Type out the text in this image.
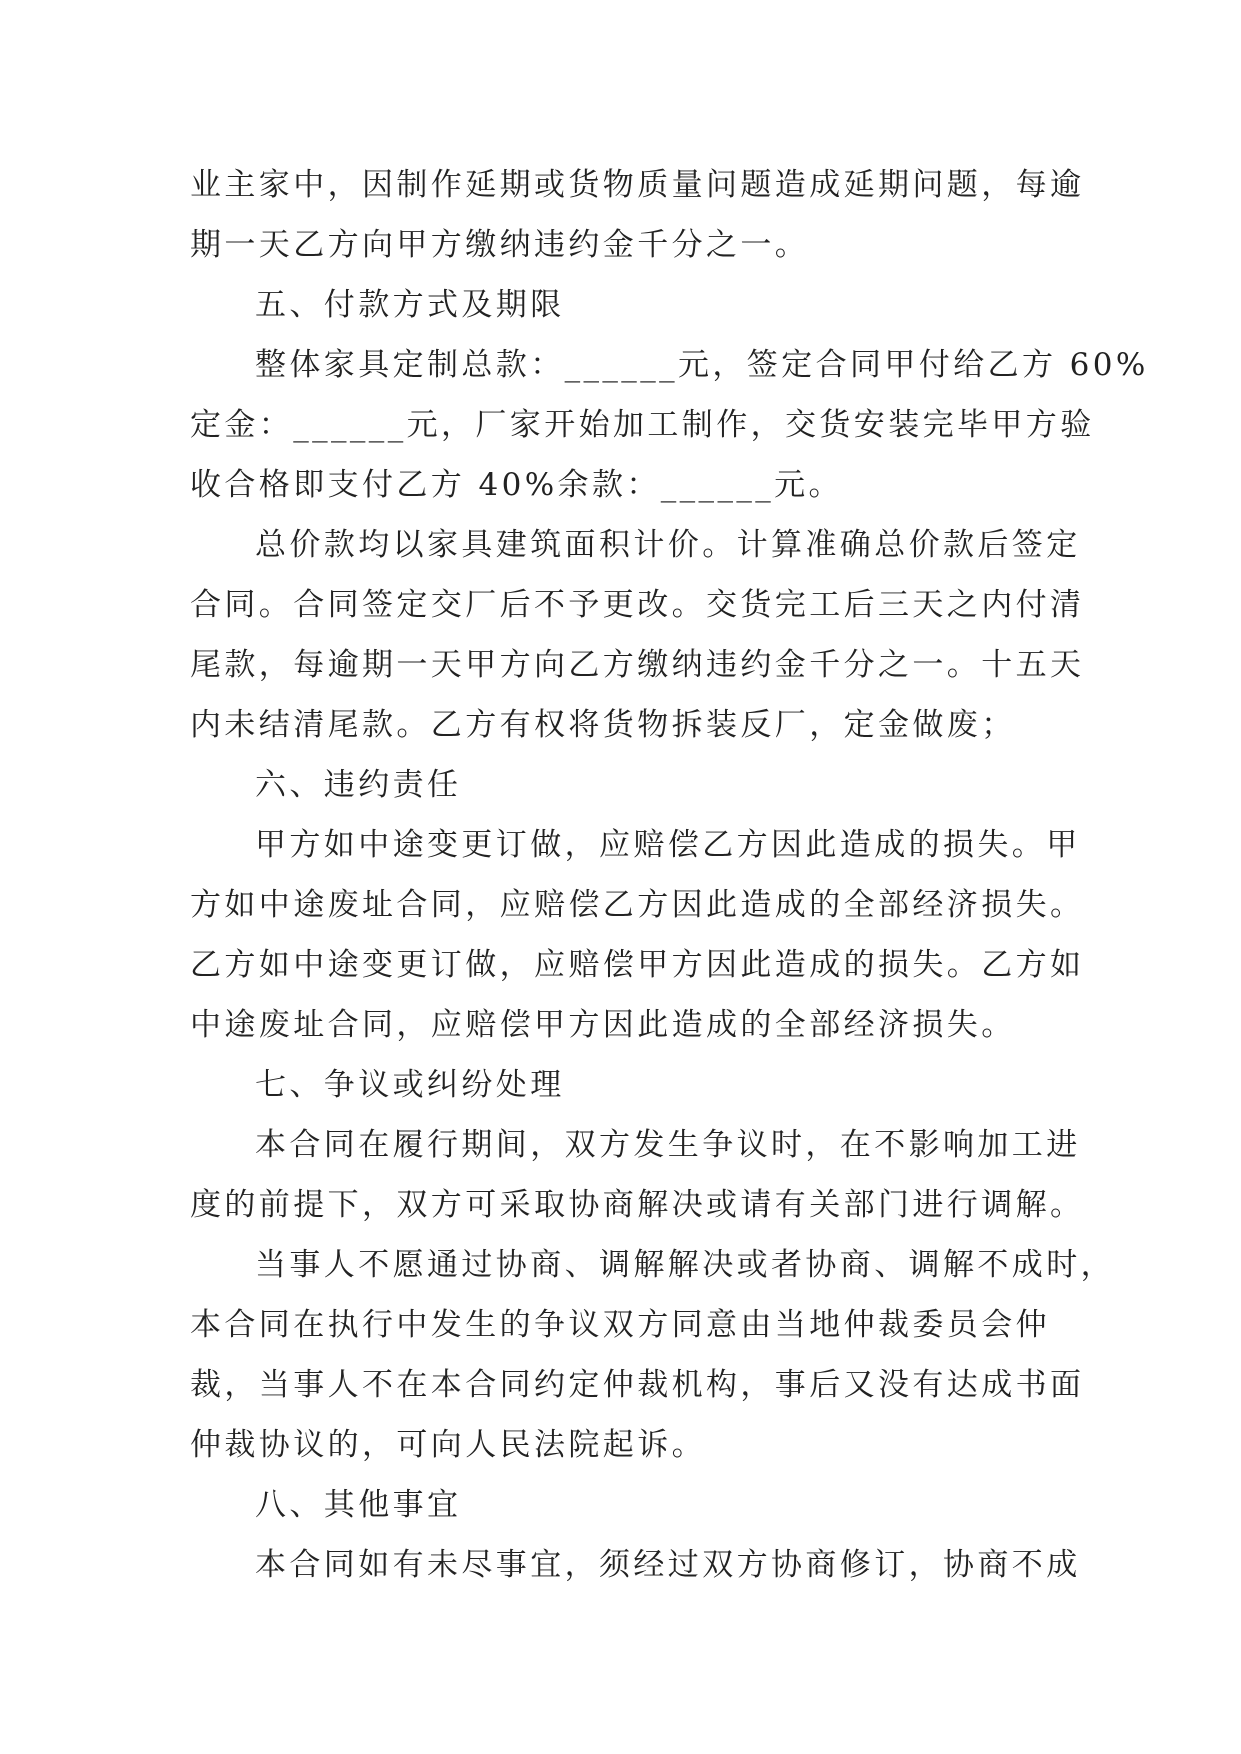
业主家中，因制作延期或货物质量问题造成延期问题，每逾
期一天乙方向甲方缴纳违约金千分之一。
五、付款方式及期限
整体家具定制总款：______元，签定合同甲付给乙方 60%
定金：______元，厂家开始加工制作，交货安装完毕甲方验
收合格即支付乙方 40%余款：______元。
总价款均以家具建筑面积计价。计算准确总价款后签定
合同。合同签定交厂后不予更改。交货完工后三天之内付清
尾款，每逾期一天甲方向乙方缴纳违约金千分之一。十五天
内未结清尾款。乙方有权将货物拆装反厂，定金做废；
六、违约责任
甲方如中途变更订做，应赔偿乙方因此造成的损失。甲
方如中途废址合同，应赔偿乙方因此造成的全部经济损失。
乙方如中途变更订做，应赔偿甲方因此造成的损失。乙方如
中途废址合同，应赔偿甲方因此造成的全部经济损失。
七、争议或纠纷处理
本合同在履行期间，双方发生争议时，在不影响加工进
度的前提下，双方可采取协商解决或请有关部门进行调解。
当事人不愿通过协商、调解解决或者协商、调解不成时，
本合同在执行中发生的争议双方同意由当地仲裁委员会仲
裁，当事人不在本合同约定仲裁机构，事后又没有达成书面
仲裁协议的，可向人民法院起诉。
八、其他事宜
本合同如有未尽事宜，须经过双方协商修订，协商不成
